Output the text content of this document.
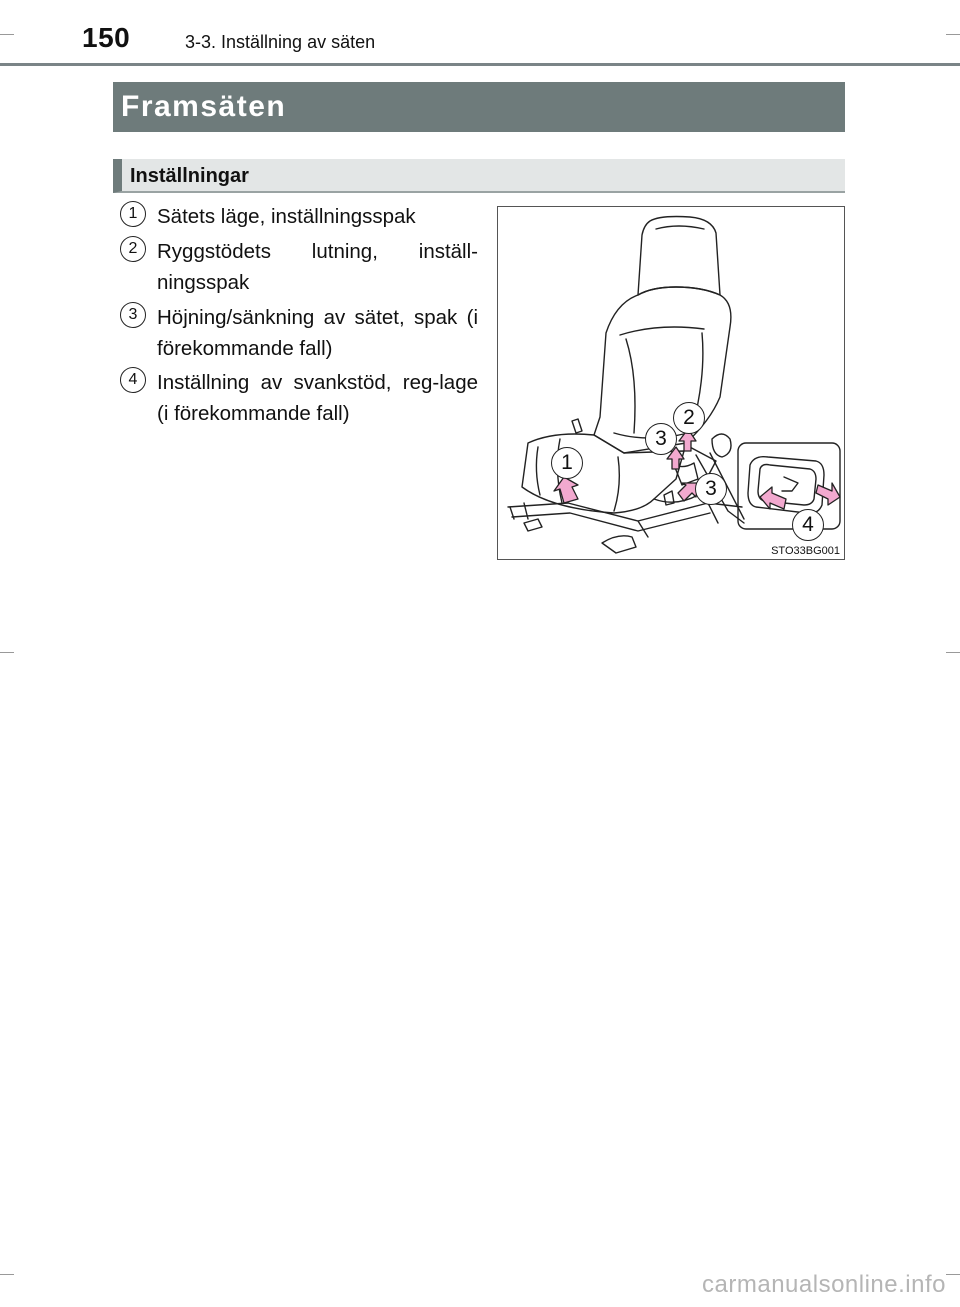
150	3-3. Inställning av säten
Framsäten
Inställningar
1 Sätets läge, inställningsspak
2 Ryggstödets lutning, inställ-ningsspak
3 Höjning/sänkning av sätet, spak (i förekommande fall)
4 Inställning av svankstöd, reg-lage (i förekommande fall)
1
2
3
3
4
STO33BG001
carmanualsonline.info
